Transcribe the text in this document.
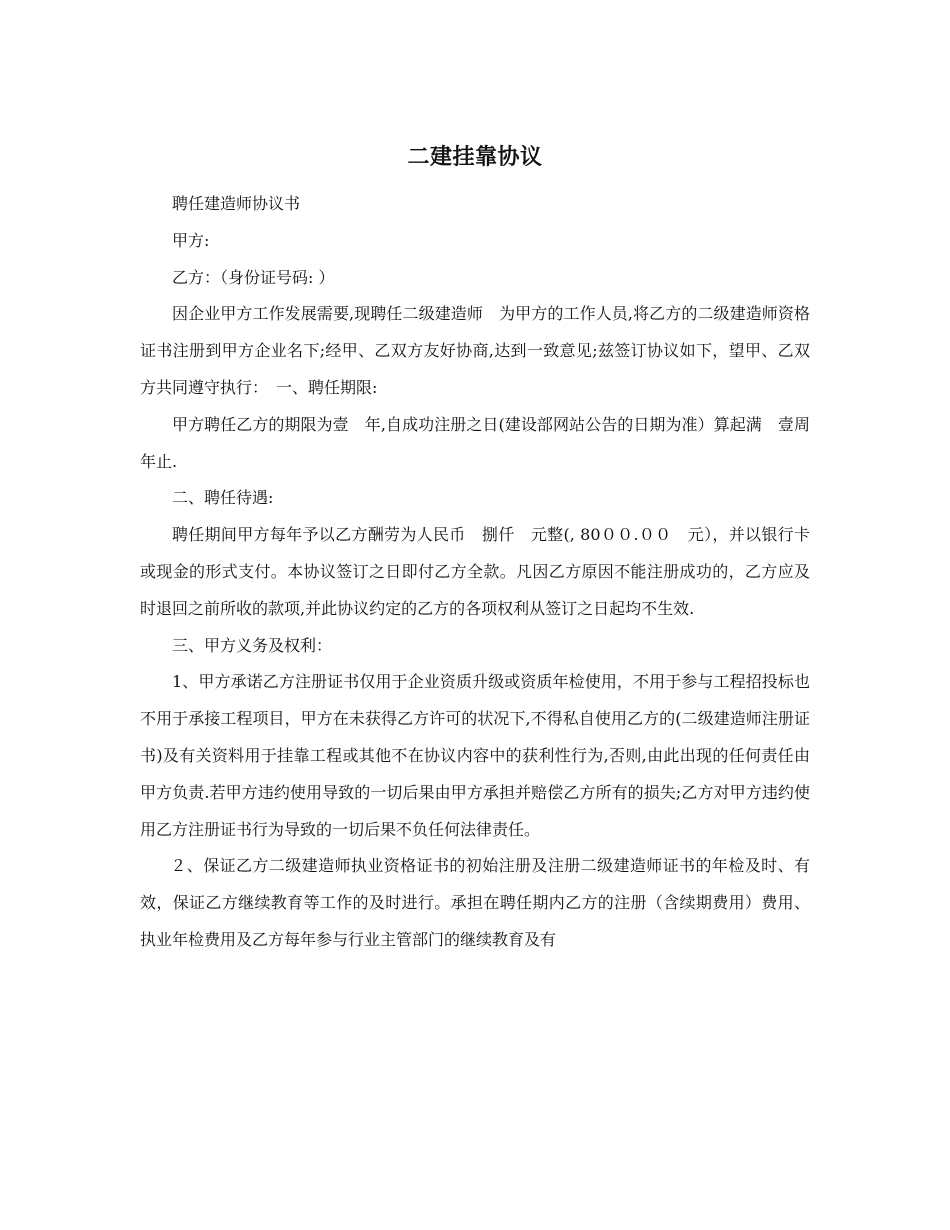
二建挂靠协议

聘任建造师协议书

甲方:

乙方：（身份证号码: ）

因企业甲方工作发展需要,现聘任二级建造师　为甲方的工作人员,将乙方的二级建造师资格证书注册到甲方企业名下;经甲、乙双方友好协商,达到一致意见;兹签订协议如下，望甲、乙双方共同遵守执行：　一、聘任期限:

甲方聘任乙方的期限为壹　年,自成功注册之日(建设部网站公告的日期为准）算起满　壹周年止.

二、聘任待遇:

聘任期间甲方每年予以乙方酬劳为人民币　捌仟　元整(, 80００.００　元），并以银行卡或现金的形式支付。本协议签订之日即付乙方全款。凡因乙方原因不能注册成功的，乙方应及时退回之前所收的款项,并此协议约定的乙方的各项权利从签订之日起均不生效.

三、甲方义务及权利：

1、甲方承诺乙方注册证书仅用于企业资质升级或资质年检使用，不用于参与工程招投标也不用于承接工程项目，甲方在未获得乙方许可的状况下,不得私自使用乙方的(二级建造师注册证书)及有关资料用于挂靠工程或其他不在协议内容中的获利性行为,否则,由此出现的任何责任由甲方负责.若甲方违约使用导致的一切后果由甲方承担并赔偿乙方所有的损失;乙方对甲方违约使用乙方注册证书行为导致的一切后果不负任何法律责任。

２、保证乙方二级建造师执业资格证书的初始注册及注册二级建造师证书的年检及时、有效，保证乙方继续教育等工作的及时进行。承担在聘任期内乙方的注册（含续期费用）费用、执业年检费用及乙方每年参与行业主管部门的继续教育及有
